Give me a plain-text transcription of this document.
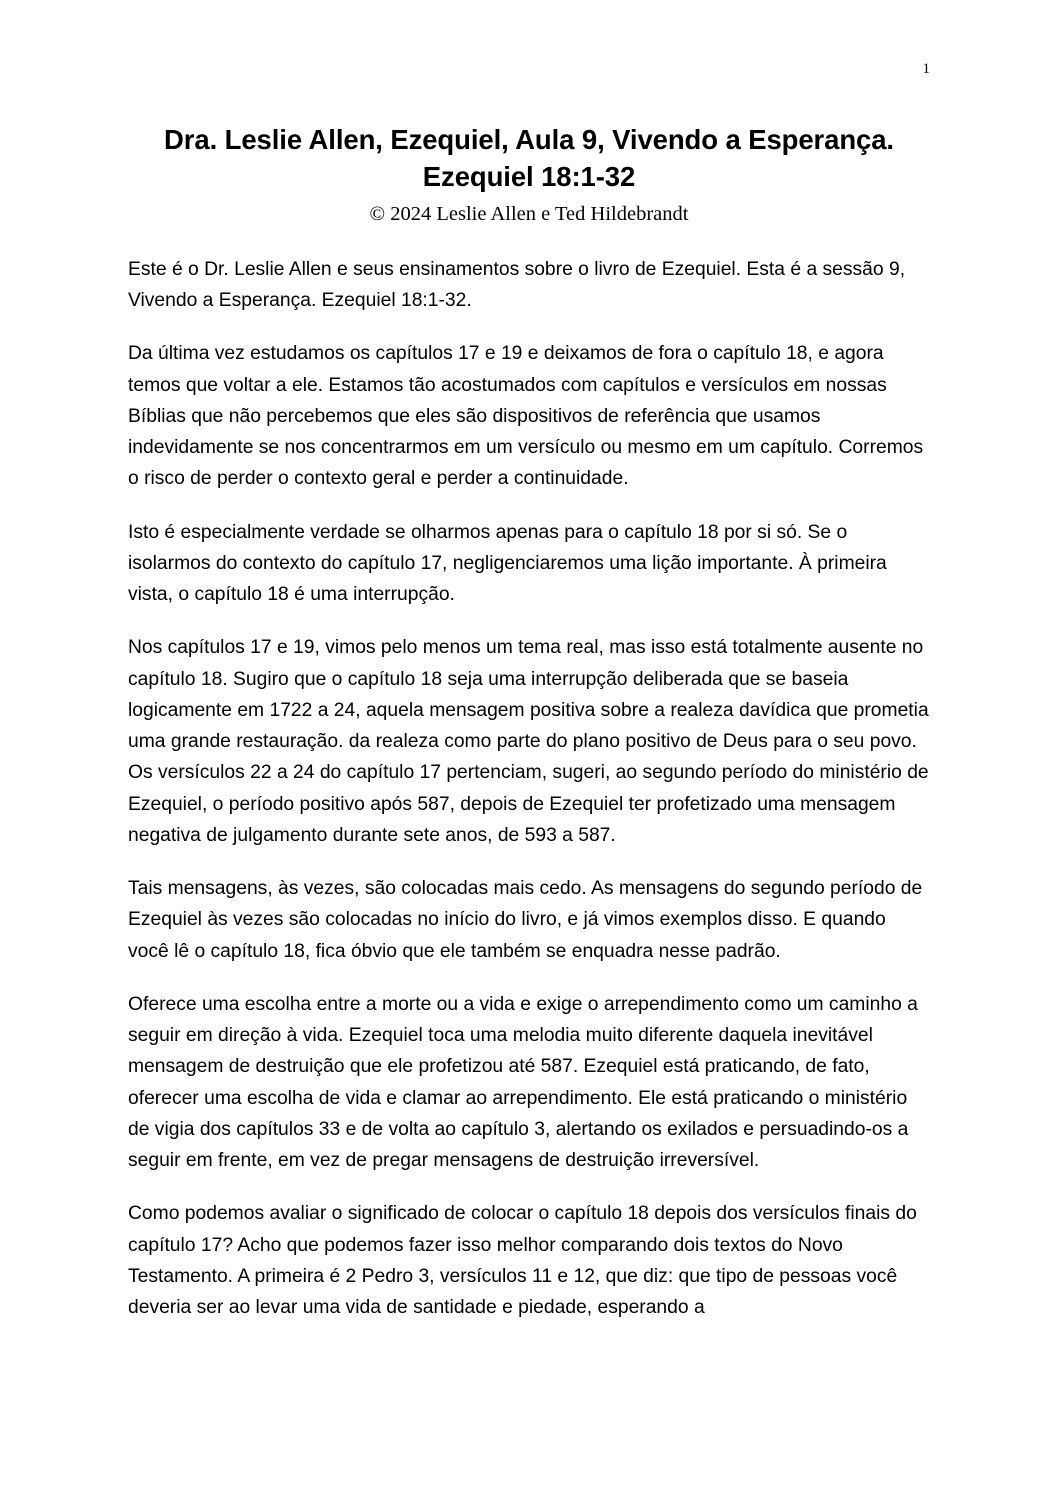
1
Dra. Leslie Allen, Ezequiel, Aula 9, Vivendo a Esperança. Ezequiel 18:1-32
© 2024 Leslie Allen e Ted Hildebrandt

Este é o Dr. Leslie Allen e seus ensinamentos sobre o livro de Ezequiel. Esta é a sessão 9, Vivendo a Esperança. Ezequiel 18:1-32.

Da última vez estudamos os capítulos 17 e 19 e deixamos de fora o capítulo 18, e agora temos que voltar a ele. Estamos tão acostumados com capítulos e versículos em nossas Bíblias que não percebemos que eles são dispositivos de referência que usamos indevidamente se nos concentrarmos em um versículo ou mesmo em um capítulo. Corremos o risco de perder o contexto geral e perder a continuidade.

Isto é especialmente verdade se olharmos apenas para o capítulo 18 por si só. Se o isolarmos do contexto do capítulo 17, negligenciaremos uma lição importante. À primeira vista, o capítulo 18 é uma interrupção.

Nos capítulos 17 e 19, vimos pelo menos um tema real, mas isso está totalmente ausente no capítulo 18. Sugiro que o capítulo 18 seja uma interrupção deliberada que se baseia logicamente em 1722 a 24, aquela mensagem positiva sobre a realeza davídica que prometia uma grande restauração. da realeza como parte do plano positivo de Deus para o seu povo. Os versículos 22 a 24 do capítulo 17 pertenciam, sugeri, ao segundo período do ministério de Ezequiel, o período positivo após 587, depois de Ezequiel ter profetizado uma mensagem negativa de julgamento durante sete anos, de 593 a 587.

Tais mensagens, às vezes, são colocadas mais cedo. As mensagens do segundo período de Ezequiel às vezes são colocadas no início do livro, e já vimos exemplos disso. E quando você lê o capítulo 18, fica óbvio que ele também se enquadra nesse padrão.

Oferece uma escolha entre a morte ou a vida e exige o arrependimento como um caminho a seguir em direção à vida. Ezequiel toca uma melodia muito diferente daquela inevitável mensagem de destruição que ele profetizou até 587. Ezequiel está praticando, de fato, oferecer uma escolha de vida e clamar ao arrependimento. Ele está praticando o ministério de vigia dos capítulos 33 e de volta ao capítulo 3, alertando os exilados e persuadindo-os a seguir em frente, em vez de pregar mensagens de destruição irreversível.

Como podemos avaliar o significado de colocar o capítulo 18 depois dos versículos finais do capítulo 17? Acho que podemos fazer isso melhor comparando dois textos do Novo Testamento. A primeira é 2 Pedro 3, versículos 11 e 12, que diz: que tipo de pessoas você deveria ser ao levar uma vida de santidade e piedade, esperando a
